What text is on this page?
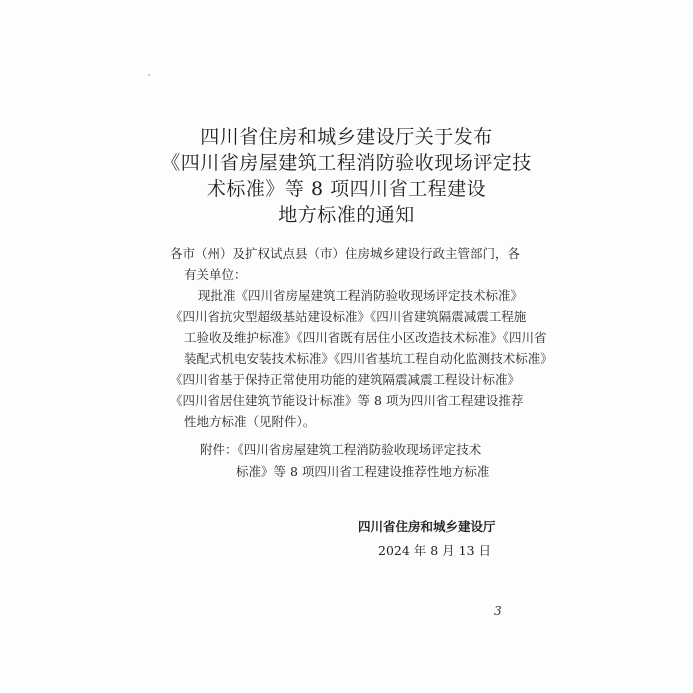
四川省住房和城乡建设厅关于发布
《四川省房屋建筑工程消防验收现场评定技
术标准》等 8 项四川省工程建设
地方标准的通知
各市（州）及扩权试点县（市）住房城乡建设行政主管部门，各
有关单位：
现批准《四川省房屋建筑工程消防验收现场评定技术标准》
《四川省抗灾型超级基站建设标准》《四川省建筑隔震减震工程施
工验收及维护标准》《四川省既有居住小区改造技术标准》《四川省
装配式机电安装技术标准》《四川省基坑工程自动化监测技术标准》
《四川省基于保持正常使用功能的建筑隔震减震工程设计标准》
《四川省居住建筑节能设计标准》等 8 项为四川省工程建设推荐
性地方标准（见附件）。
附件：《四川省房屋建筑工程消防验收现场评定技术
标准》等 8 项四川省工程建设推荐性地方标准
四川省住房和城乡建设厅
2024 年 8 月 13 日
3
